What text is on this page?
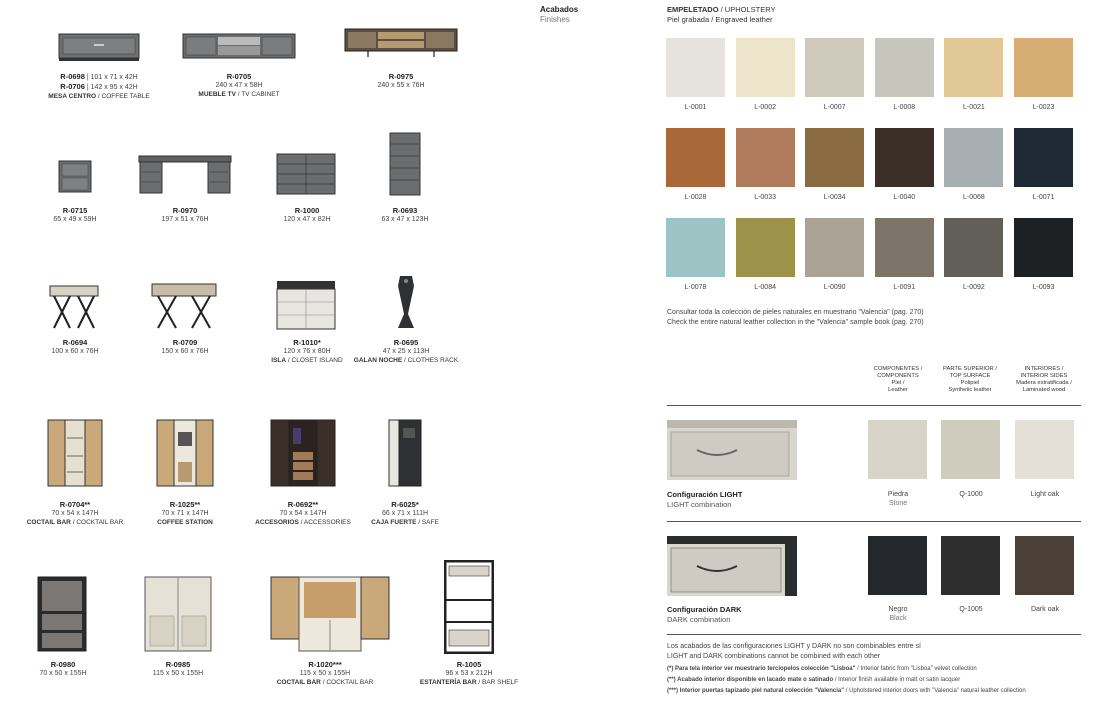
R-0698 | 101 x 71 x 42H
R-0706 | 142 x 95 x 42H
MESA CENTRO / COFFEE TABLE
R-0705
240 x 47 x 58H
MUEBLE TV / TV CABINET
R-0975
240 x 55 x 76H
R-0715
65 x 49 x 59H
R-0970
197 x 51 x 76H
R-1000
120 x 47 x 82H
R-0693
63 x 47 x 123H
R-0694
100 x 60 x 76H
R-0709
150 x 60 x 76H
R-1010*
120 x 76 x 80H
ISLA / CLOSET ISLAND
R-0695
47 x 25 x 113H
GALAN NOCHE / CLOTHES RACK
R-0704**
70 x 54 x 147H
COCTAIL BAR / COCKTAIL BAR
R-1025**
70 x 71 x 147H
COFFEE STATION
R-0692**
70 x 54 x 147H
ACCESORIOS / ACCESSORIES
R-6025*
66 x 71 x 111H
CAJA FUERTE / SAFE
R-0980
70 x 50 x 155H
R-0985
115 x 50 x 155H
R-1020***
115 x 50 x 155H
COCTAIL BAR / COCKTAIL BAR
R-1005
96 x 53 x 212H
ESTANTERÍA BAR / BAR SHELF
Acabados
Finishes
EMPELETADO / UPHOLSTERY
Piel grabada / Engraved leather
L-0001	L-0002	L-0007	L-0008	L-0021	L-0023
L-0028	L-0033	L-0034	L-0040	L-0068	L-0071
L-0078	L-0084	L-0090	L-0091	L-0092	L-0093
Consultar toda la colección de pieles naturales en muestrario "Valencia" (pag. 270)
Check the entire natural leather collection in the "Valencia" sample book (pag. 270)
COMPONENTES /
COMPONENTS
Piel /
Leather
PARTE SUPERIOR /
TOP SURFACE
Polipiel
Synthetic leather
INTERIORES /
INTERIOR SIDES
Madera estratificada /
Laminated wood
Configuración LIGHT
LIGHT combination
Piedra
Stone
Q-1000	Light oak
Configuración DARK
DARK combination
Negro
Black
Q-1005	Dark oak
Los acabados de las configuraciones LIGHT y DARK no son combinables entre sí
LIGHT and DARK combinations cannot be combined with each other
(*) Para tela interior ver muestrario terciopelos colección "Lisboa" / Interior fabric from "Lisboa" velvet collection
(**) Acabado interior disponible en lacado mate o satinado / Interior finish available in matt or satin lacquer
(***) Interior puertas tapizado piel natural colección "Valencia" / Upholstered interior doors with "Valencia" natural leather collection
